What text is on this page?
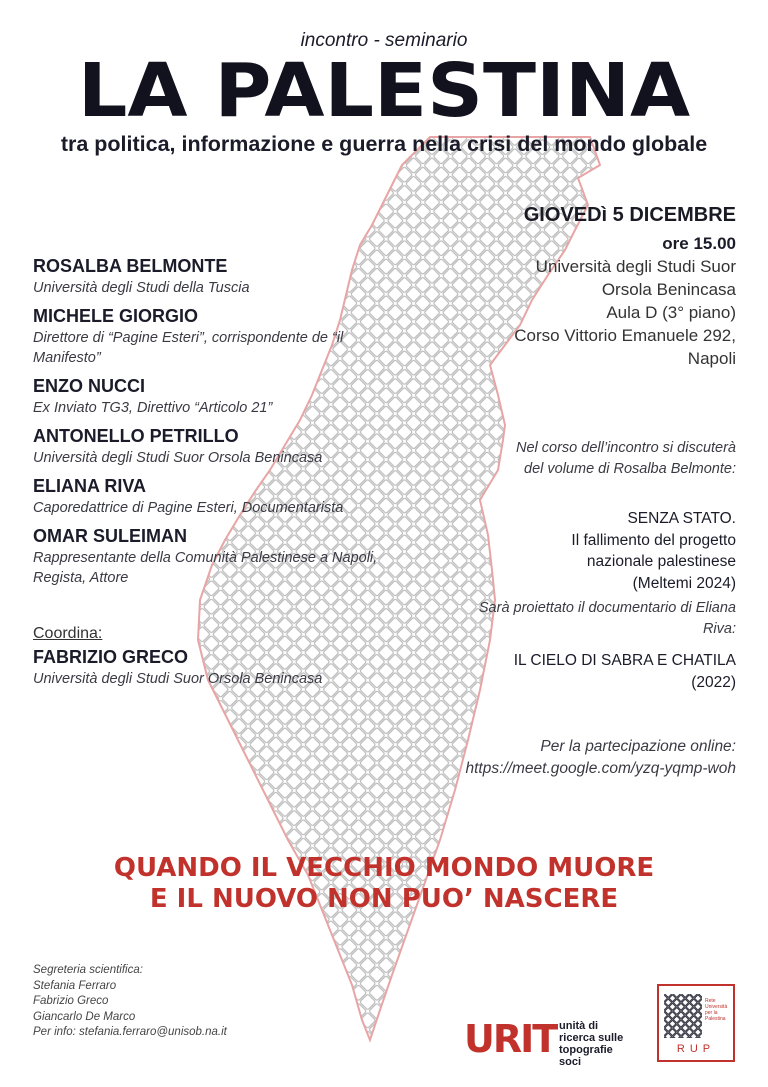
incontro - seminario
LA PALESTINA
tra politica, informazione e guerra nella crisi del mondo globale
ROSALBA BELMONTE
Università degli Studi della Tuscia
MICHELE GIORGIO
Direttore di “Pagine Esteri”, corrispondente de “il Manifesto”
ENZO NUCCI
Ex Inviato TG3, Direttivo “Articolo 21”
ANTONELLO PETRILLO
Università degli Studi Suor Orsola Benincasa
ELIANA RIVA
Caporedattrice di Pagine Esteri, Documentarista
OMAR SULEIMAN
Rappresentante della Comunità Palestinese a Napoli, Regista, Attore
Coordina:
FABRIZIO GRECO
Università degli Studi Suor Orsola Benincasa
GIOVEDì 5 DICEMBRE
ore 15.00
Università degli Studi Suor
Orsola Benincasa
Aula D (3° piano)
Corso Vittorio Emanuele 292,
Napoli
Nel corso dell’incontro si discuterà del volume di Rosalba Belmonte:
SENZA STATO.
Il fallimento del progetto
nazionale palestinese
(Meltemi 2024)
Sarà proiettato il documentario di Eliana Riva:
IL CIELO DI SABRA E CHATILA
(2022)
Per la partecipazione online:
https://meet.google.com/yzq-yqmp-woh
QUANDO IL VECCHIO MONDO MUORE
E IL NUOVO NON PUO’ NASCERE
Segreteria scientifica:
Stefania Ferraro
Fabrizio Greco
Giancarlo De Marco
Per info: stefania.ferraro@unisob.na.it	URIT unità di
ricerca sulle
topografie soci
Rete Università per la Palestina
RUP
